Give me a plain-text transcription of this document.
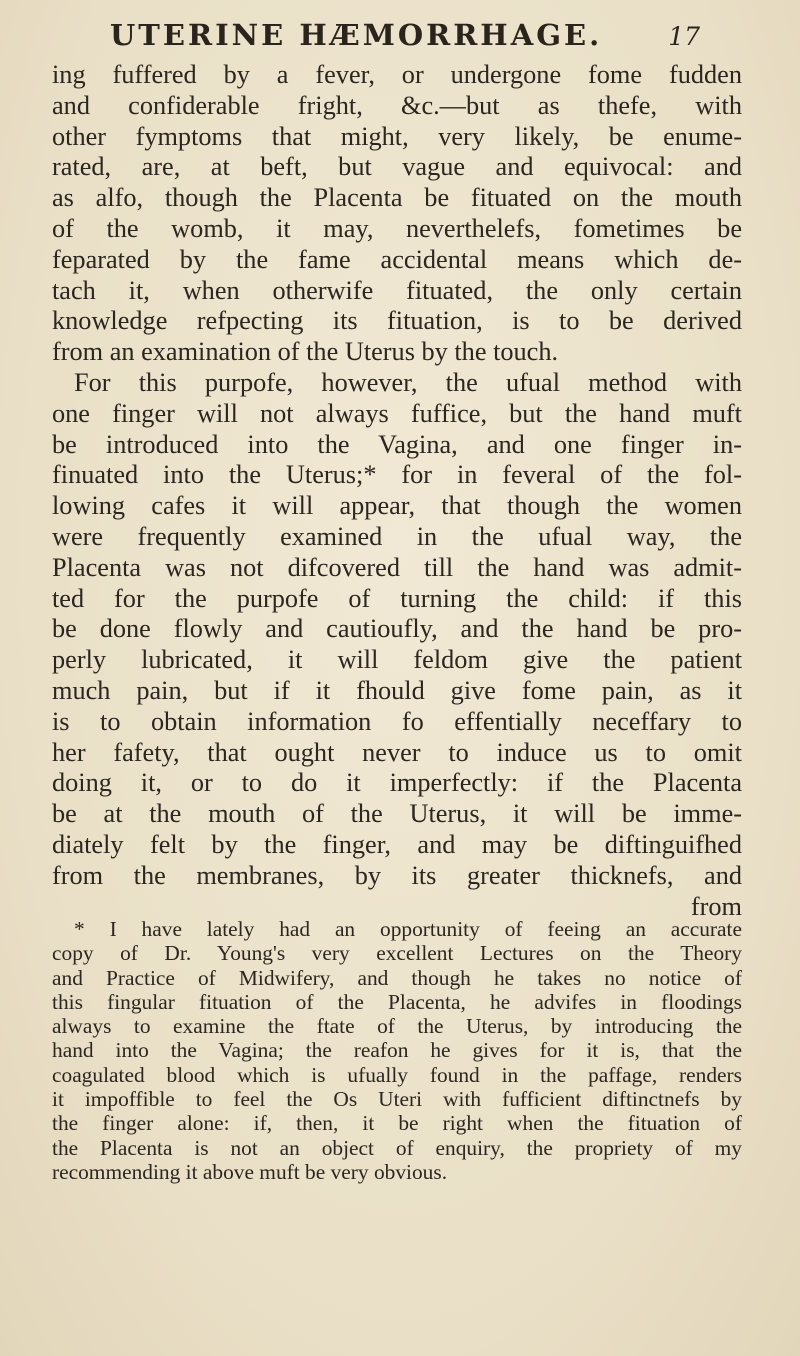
UTERINE HÆMORRHAGE.	17
ing fuffered by a fever, or undergone fome fudden
and confiderable fright, &c.—but as thefe, with
other fymptoms that might, very likely, be enume-
rated, are, at beft, but vague and equivocal: and
as alfo, though the Placenta be fituated on the mouth
of the womb, it may, neverthelefs, fometimes be
feparated by the fame accidental means which de-
tach it, when otherwife fituated, the only certain
knowledge refpecting its fituation, is to be derived
from an examination of the Uterus by the touch.
For this purpofe, however, the ufual method with
one finger will not always fuffice, but the hand muft
be introduced into the Vagina, and one finger in-
finuated into the Uterus;* for in feveral of the fol-
lowing cafes it will appear, that though the women
were frequently examined in the ufual way, the
Placenta was not difcovered till the hand was admit-
ted for the purpofe of turning the child: if this
be done flowly and cautioufly, and the hand be pro-
perly lubricated, it will feldom give the patient
much pain, but if it fhould give fome pain, as it
is to obtain information fo effentially neceffary to
her fafety, that ought never to induce us to omit
doing it, or to do it imperfectly: if the Placenta
be at the mouth of the Uterus, it will be imme-
diately felt by the finger, and may be diftinguifhed
from the membranes, by its greater thicknefs, and
from
* I have lately had an opportunity of feeing an accurate
copy of Dr. Young's very excellent Lectures on the Theory
and Practice of Midwifery, and though he takes no notice of
this fingular fituation of the Placenta, he advifes in floodings
always to examine the ftate of the Uterus, by introducing the
hand into the Vagina; the reafon he gives for it is, that the
coagulated blood which is ufually found in the paffage, renders
it impoffible to feel the Os Uteri with fufficient diftinctnefs by
the finger alone: if, then, it be right when the fituation of
the Placenta is not an object of enquiry, the propriety of my
recommending it above muft be very obvious.
